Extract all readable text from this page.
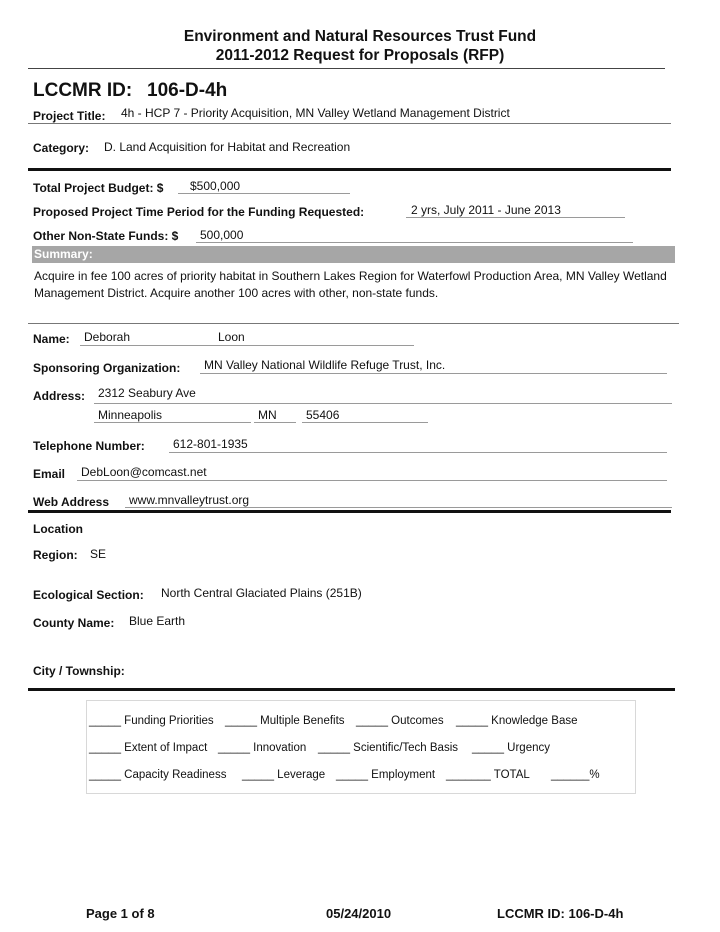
Environment and Natural Resources Trust Fund
2011-2012 Request for Proposals (RFP)
LCCMR ID: 106-D-4h
Project Title: 4h - HCP 7 - Priority Acquisition, MN Valley Wetland Management District
Category: D. Land Acquisition for Habitat and Recreation
Total Project Budget: $ $500,000
Proposed Project Time Period for the Funding Requested:	2 yrs, July 2011 - June 2013
Other Non-State Funds: $ 500,000
Summary:
Acquire in fee 100 acres of priority habitat in Southern Lakes Region for Waterfowl Production Area, MN Valley Wetland Management District. Acquire another 100 acres with other, non-state funds.
Name: Deborah	Loon
Sponsoring Organization: MN Valley National Wildlife Refuge Trust, Inc.
Address: 2312 Seabury Ave
Minneapolis	MN 55406
Telephone Number: 612-801-1935
Email DebLoon@comcast.net
Web Address www.mnvalleytrust.org
Location
Region: SE
Ecological Section: North Central Glaciated Plains (251B)
County Name: Blue Earth
City / Township:
_____ Funding Priorities _____ Multiple Benefits _____ Outcomes _____ Knowledge Base
_____ Extent of Impact _____ Innovation _____ Scientific/Tech Basis _____ Urgency
_____ Capacity Readiness _____ Leverage _____ Employment _______ TOTAL ______%
Page 1 of 8	05/24/2010	LCCMR ID: 106-D-4h
